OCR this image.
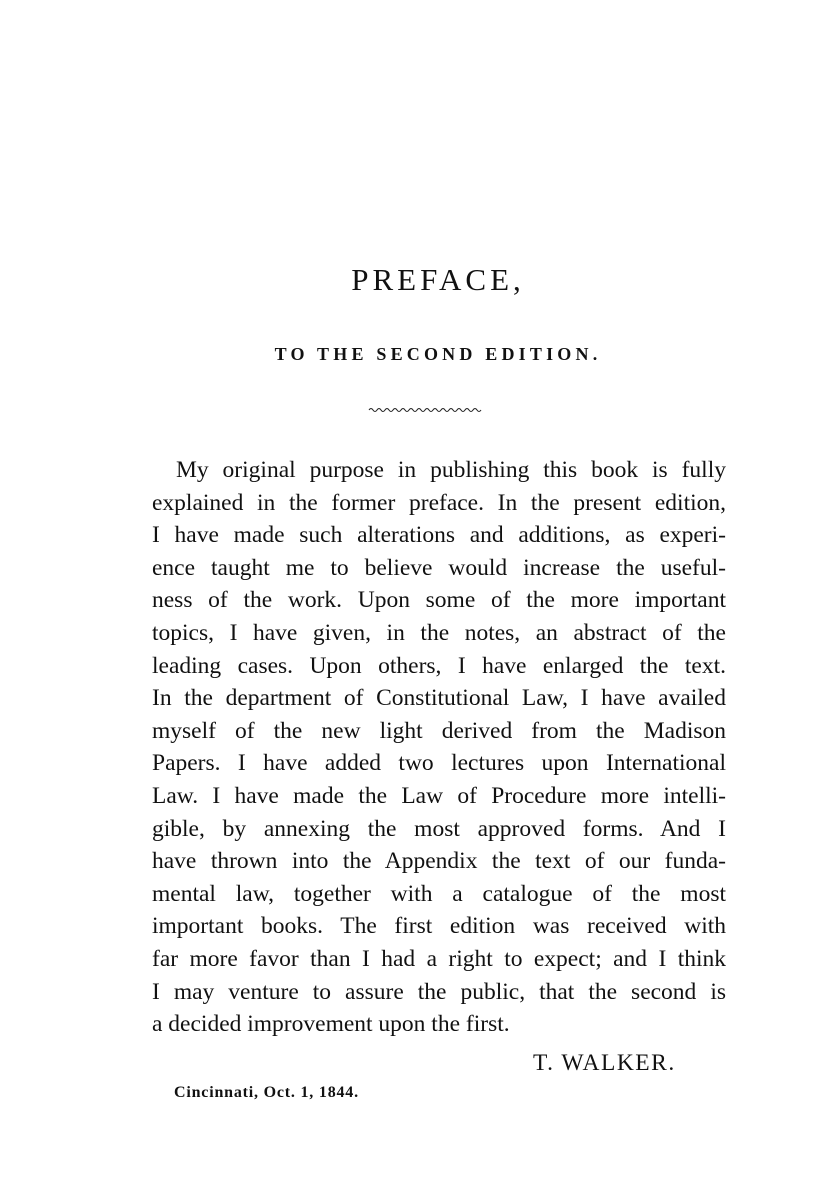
PREFACE,
TO THE SECOND EDITION.
My original purpose in publishing this book is fully
explained in the former preface. In the present edition,
I have made such alterations and additions, as experi-
ence taught me to believe would increase the useful-
ness of the work. Upon some of the more important
topics, I have given, in the notes, an abstract of the
leading cases. Upon others, I have enlarged the text.
In the department of Constitutional Law, I have availed
myself of the new light derived from the Madison
Papers. I have added two lectures upon International
Law. I have made the Law of Procedure more intelli-
gible, by annexing the most approved forms. And I
have thrown into the Appendix the text of our funda-
mental law, together with a catalogue of the most
important books. The first edition was received with
far more favor than I had a right to expect; and I think
I may venture to assure the public, that the second is
a decided improvement upon the first.
T. WALKER.
Cincinnati, Oct. 1, 1844.
